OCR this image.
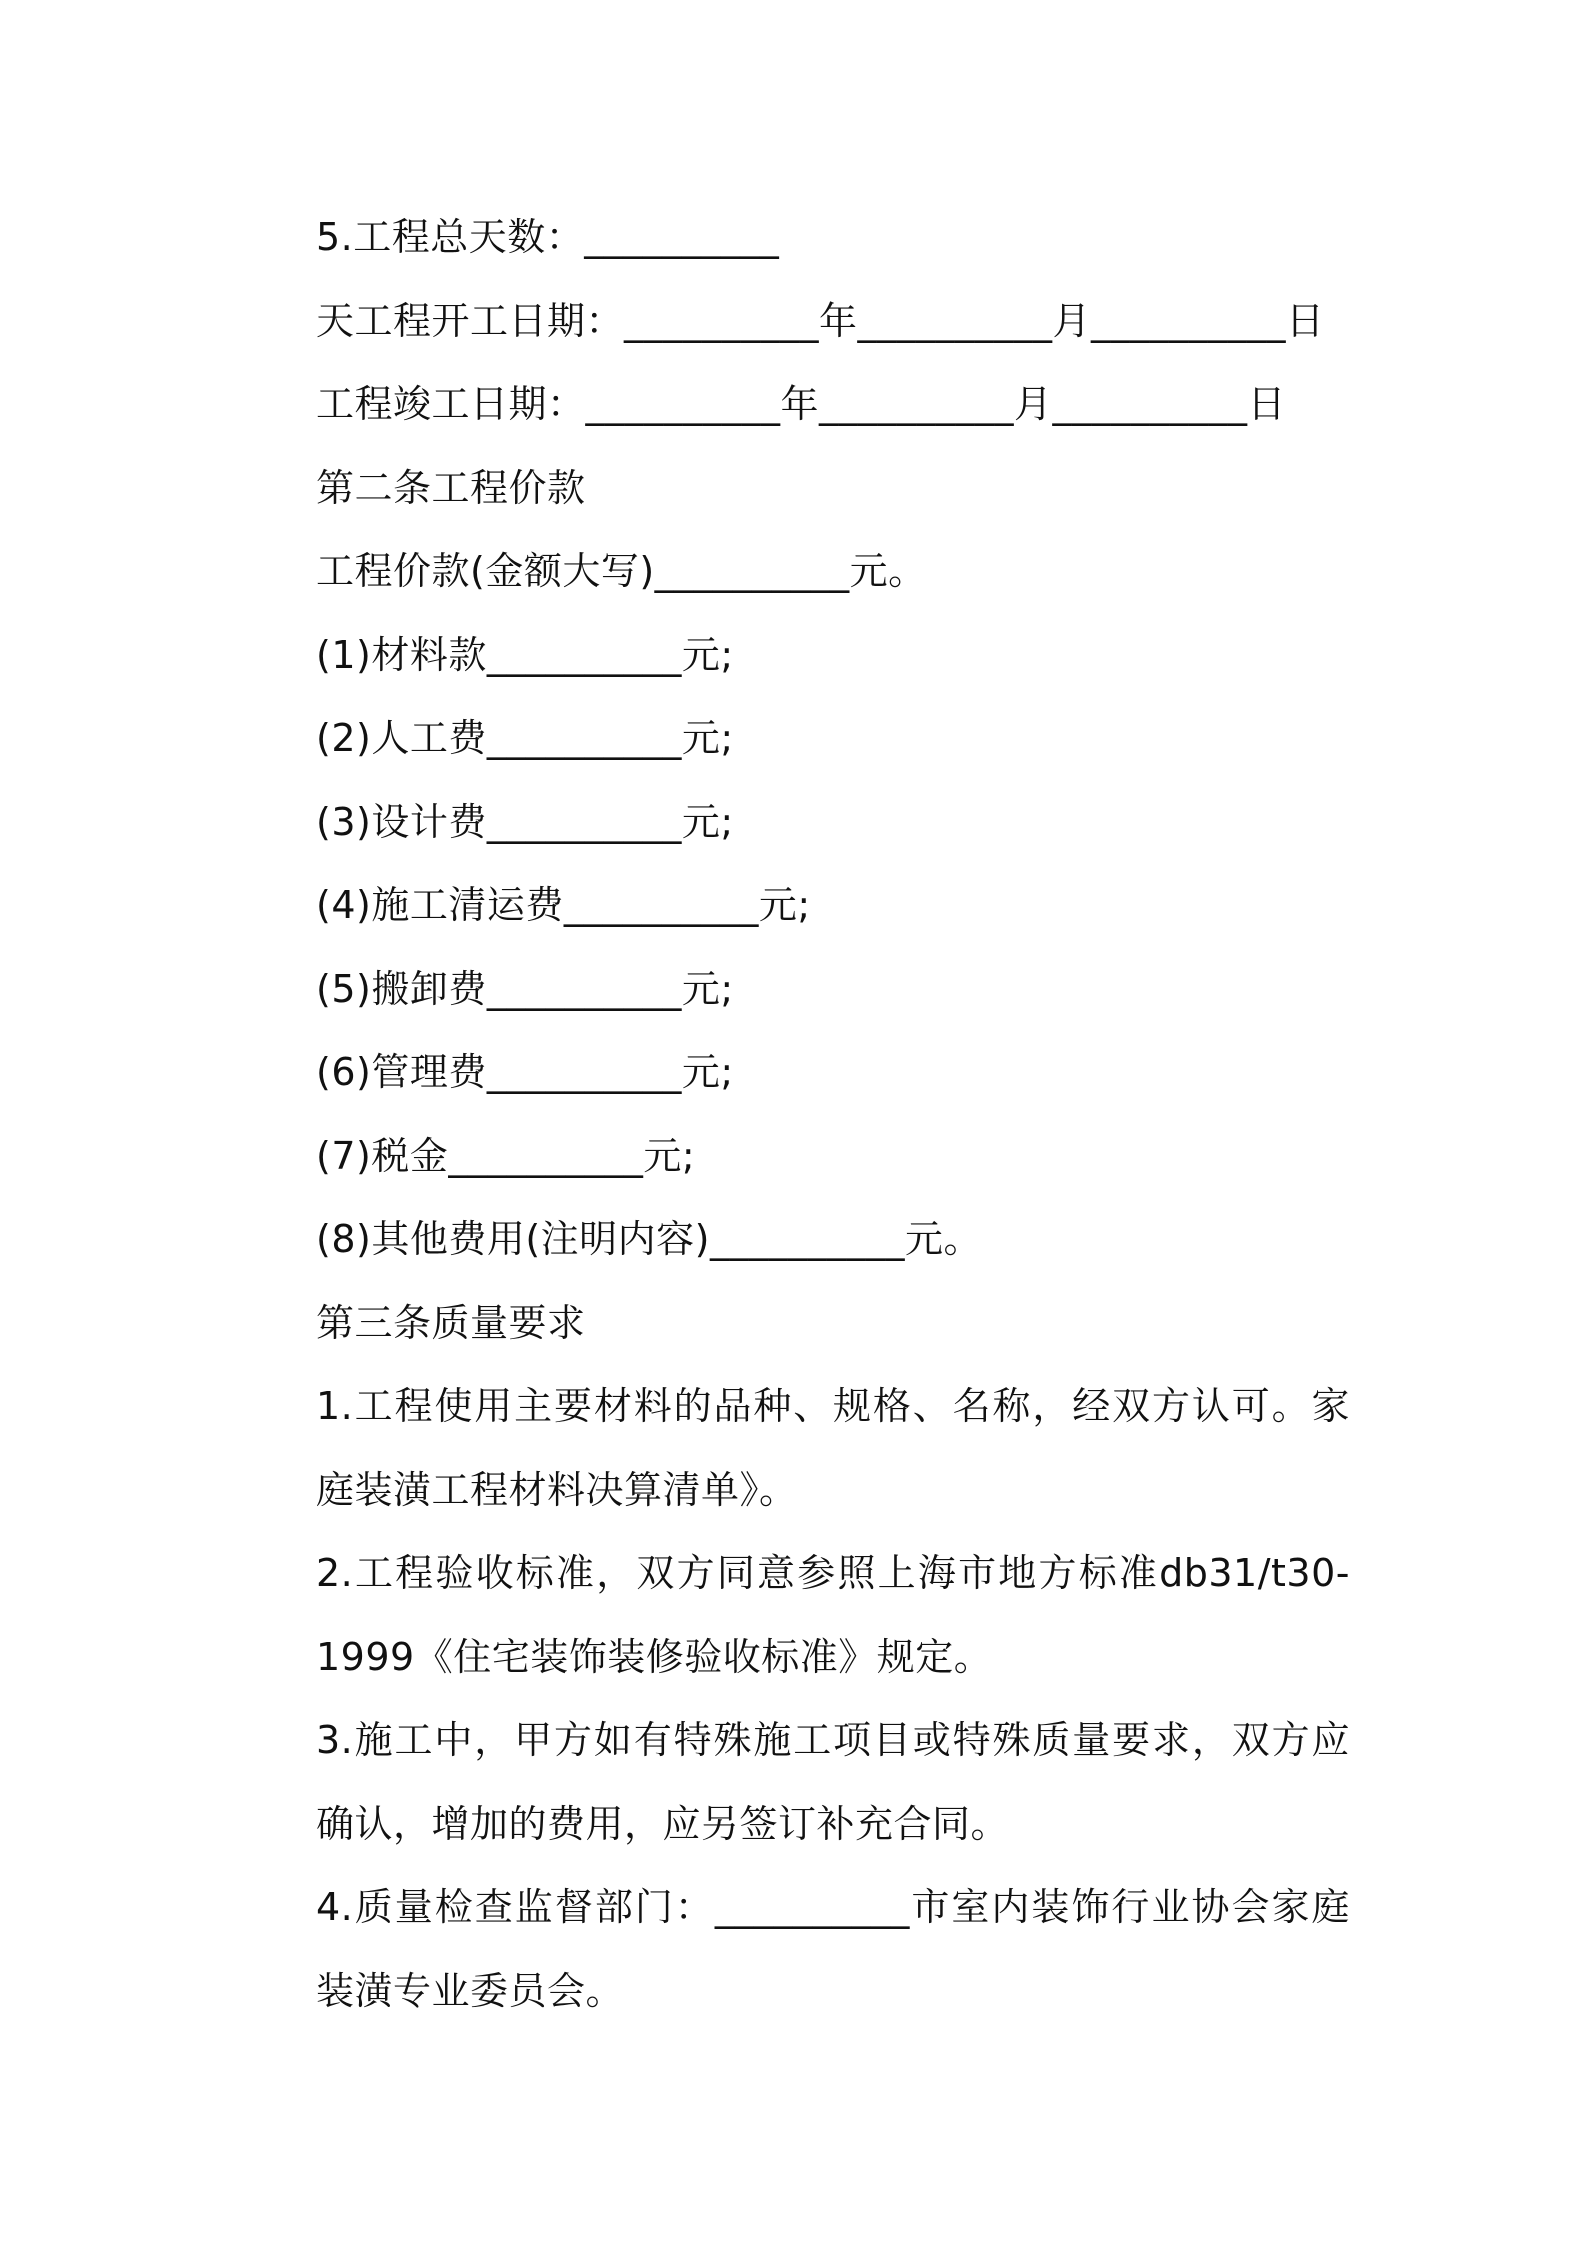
5.工程总天数：__________
天工程开工日期：__________年__________月__________日
工程竣工日期：__________年__________月__________日
第二条工程价款
工程价款(金额大写)__________元。
(1)材料款__________元;
(2)人工费__________元;
(3)设计费__________元;
(4)施工清运费__________元;
(5)搬卸费__________元;
(6)管理费__________元;
(7)税金__________元;
(8)其他费用(注明内容)__________元。
第三条质量要求
1.工程使用主要材料的品种、规格、名称，经双方认可。家庭装潢工程材料决算清单》。
2.工程验收标准，双方同意参照上海市地方标准db31/t30-1999《住宅装饰装修验收标准》规定。
3.施工中，甲方如有特殊施工项目或特殊质量要求，双方应确认，增加的费用，应另签订补充合同。
4.质量检查监督部门：__________市室内装饰行业协会家庭装潢专业委员会。
